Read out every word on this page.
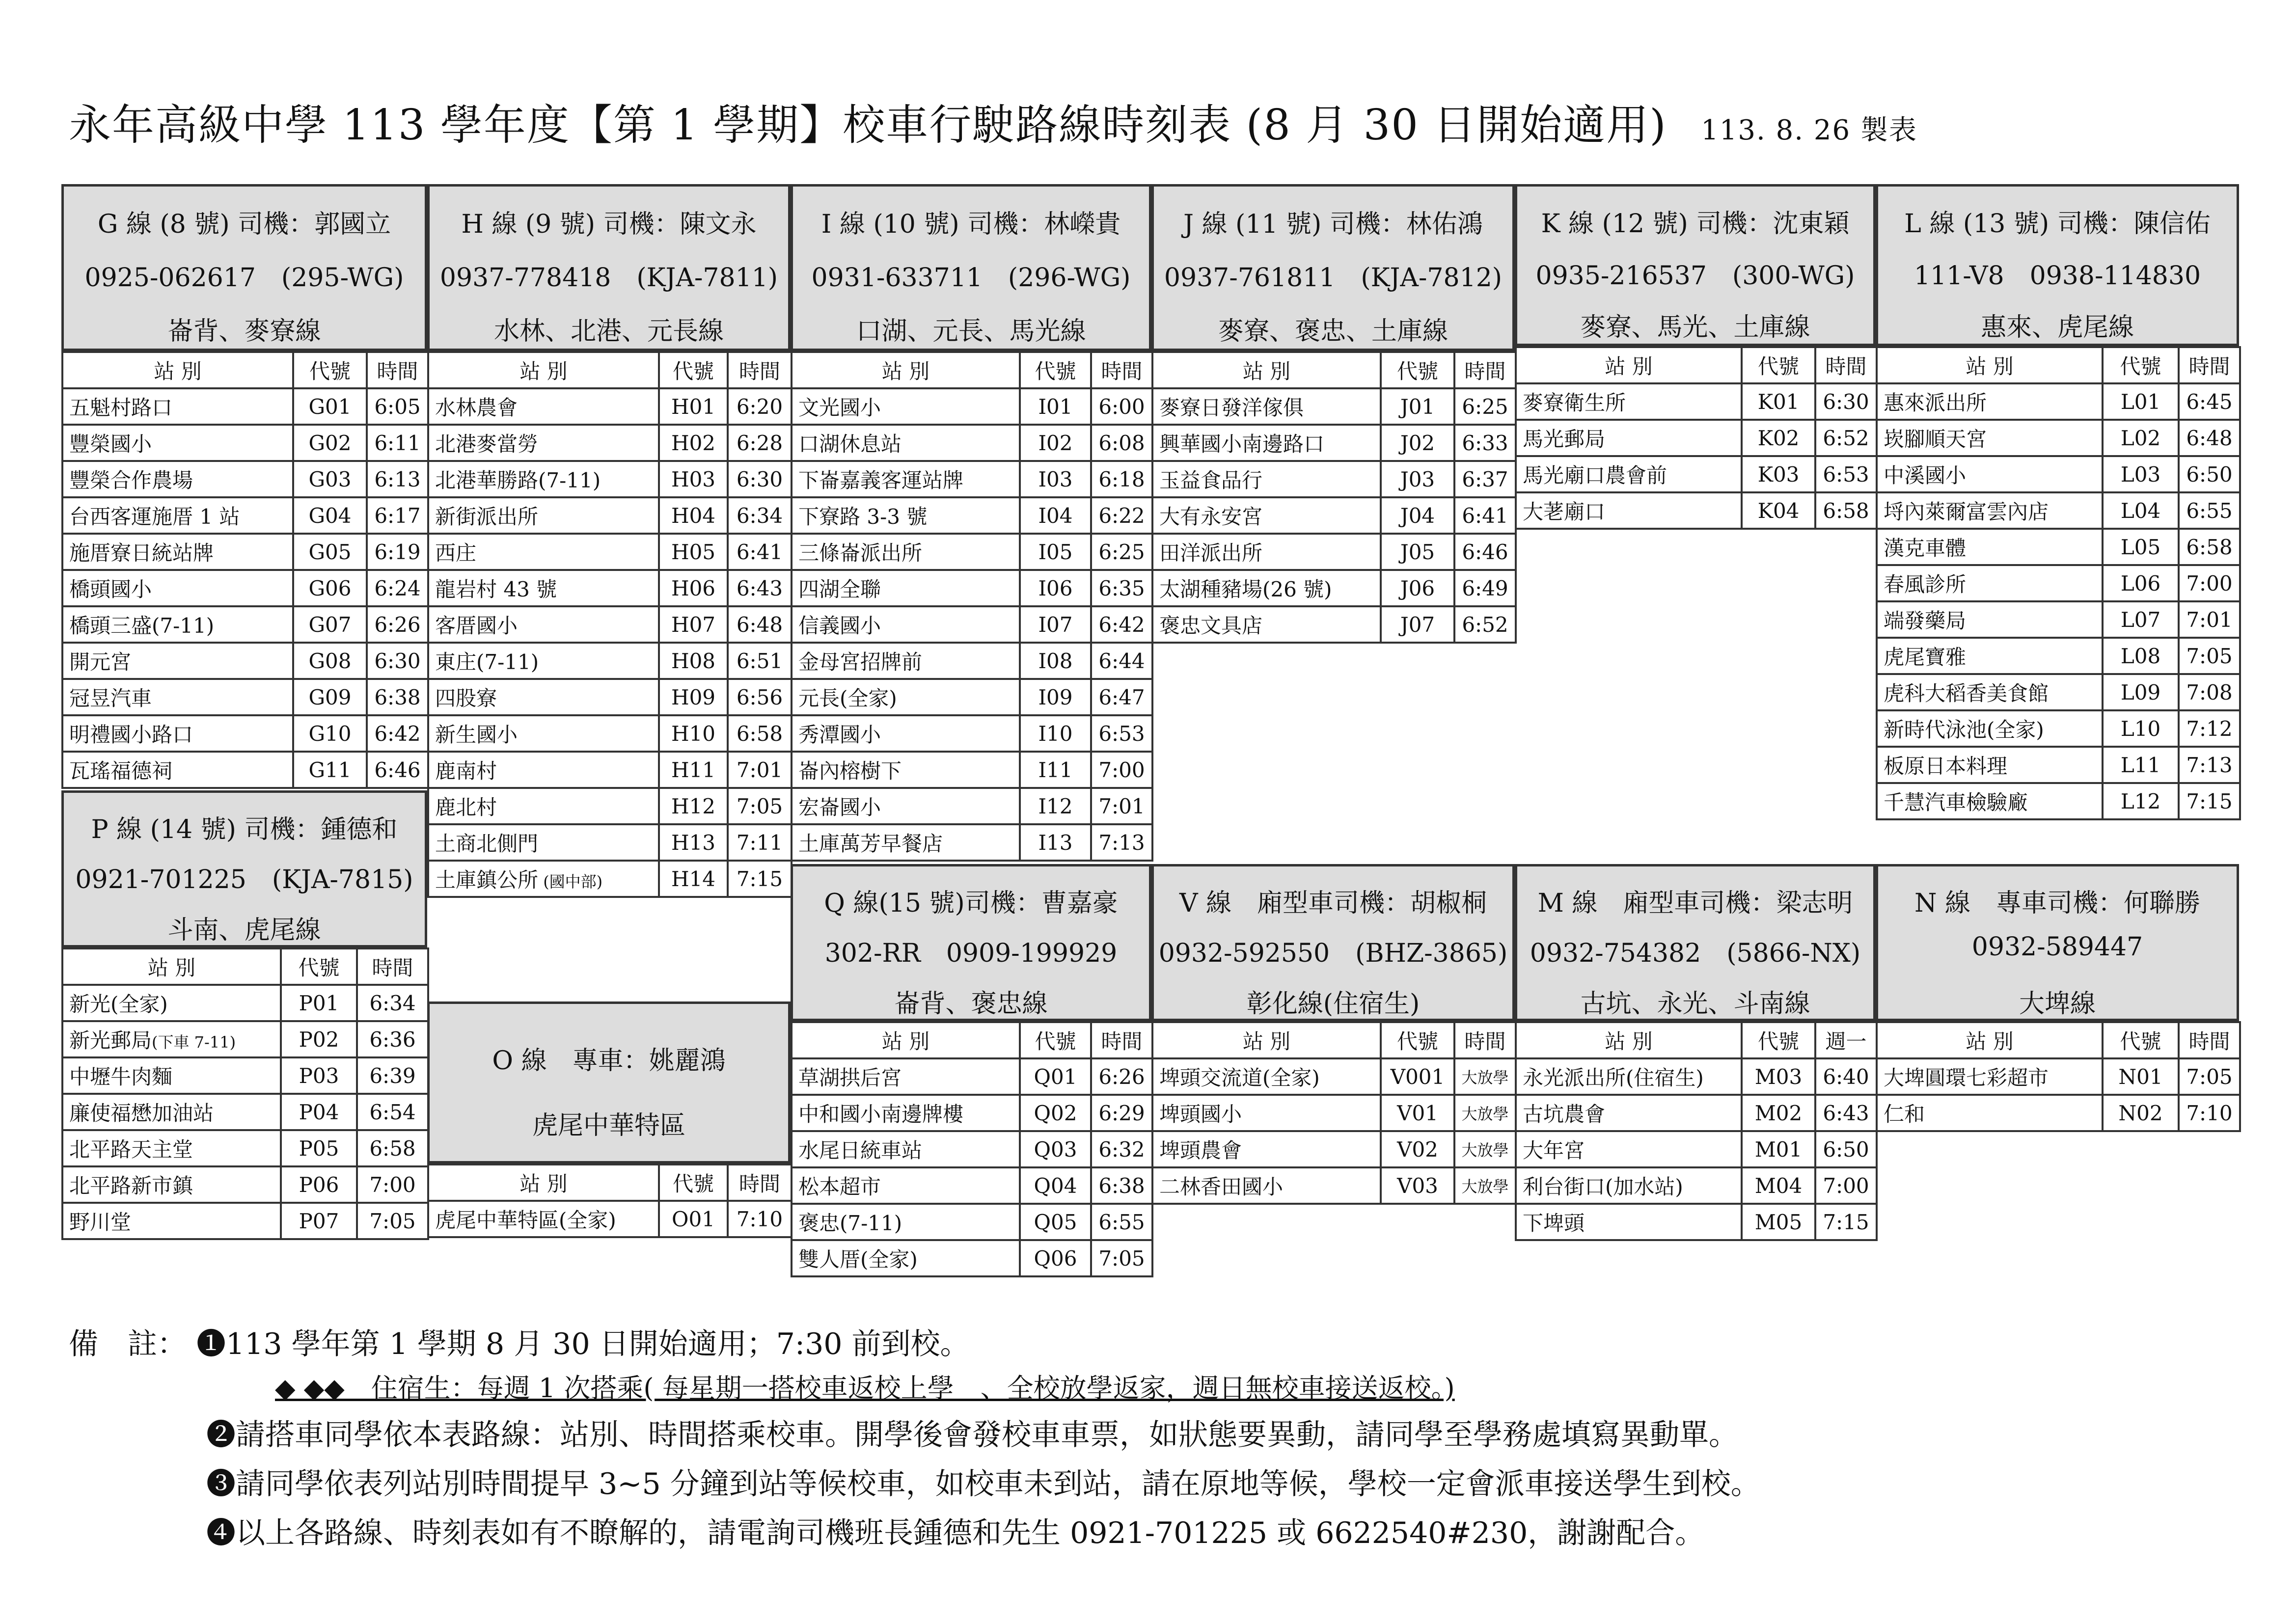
永年高級中學 113 學年度【第 1 學期】校車行駛路線時刻表 (8 月 30 日開始適用) 113. 8. 26 製表
G 線 (8 號) 司機：郭國立
0925-062617　(295-WG)
崙背、麥寮線
站 別	代號	時間
五魁村路口	G01	6:05
豐榮國小	G02	6:11
豐榮合作農場	G03	6:13
台西客運施厝 1 站	G04	6:17
施厝寮日統站牌	G05	6:19
橋頭國小	G06	6:24
橋頭三盛(7-11)	G07	6:26
開元宮	G08	6:30
冠昱汽車	G09	6:38
明禮國小路口	G10	6:42
瓦瑤福德祠	G11	6:46
H 線 (9 號) 司機：陳文永
0937-778418　(KJA-7811)
水林、北港、元長線
站 別	代號	時間
水林農會	H01	6:20
北港麥當勞	H02	6:28
北港華勝路(7-11)	H03	6:30
新街派出所	H04	6:34
西庄	H05	6:41
龍岩村 43 號	H06	6:43
客厝國小	H07	6:48
東庄(7-11)	H08	6:51
四股寮	H09	6:56
新生國小	H10	6:58
鹿南村	H11	7:01
鹿北村	H12	7:05
土商北側門	H13	7:11
土庫鎮公所 (國中部)	H14	7:15
I 線 (10 號) 司機：林嶸貴
0931-633711　(296-WG)
口湖、元長、馬光線
站 別	代號	時間
文光國小	I01	6:00
口湖休息站	I02	6:08
下崙嘉義客運站牌	I03	6:18
下寮路 3-3 號	I04	6:22
三條崙派出所	I05	6:25
四湖全聯	I06	6:35
信義國小	I07	6:42
金母宮招牌前	I08	6:44
元長(全家)	I09	6:47
秀潭國小	I10	6:53
崙內榕樹下	I11	7:00
宏崙國小	I12	7:01
土庫萬芳早餐店	I13	7:13
J 線 (11 號) 司機：林佑鴻
0937-761811　(KJA-7812)
麥寮、褒忠、土庫線
站 別	代號	時間
麥寮日發洋傢俱	J01	6:25
興華國小南邊路口	J02	6:33
玉益食品行	J03	6:37
大有永安宮	J04	6:41
田洋派出所	J05	6:46
太湖種豬場(26 號)	J06	6:49
褒忠文具店	J07	6:52
K 線 (12 號) 司機：沈東穎
0935-216537　(300-WG)
麥寮、馬光、土庫線
站 別	代號	時間
麥寮衛生所	K01	6:30
馬光郵局	K02	6:52
馬光廟口農會前	K03	6:53
大荖廟口	K04	6:58
L 線 (13 號) 司機：陳信佑
111-V8　0938-114830
惠來、虎尾線
站 別	代號	時間
惠來派出所	L01	6:45
崁腳順天宮	L02	6:48
中溪國小	L03	6:50
埒內萊爾富雲內店	L04	6:55
漢克車體	L05	6:58
春風診所	L06	7:00
端發藥局	L07	7:01
虎尾寶雅	L08	7:05
虎科大稻香美食館	L09	7:08
新時代泳池(全家)	L10	7:12
板原日本料理	L11	7:13
千慧汽車檢驗廠	L12	7:15
P 線 (14 號) 司機：鍾德和
0921-701225　(KJA-7815)
斗南、虎尾線
站 別	代號	時間
新光(全家)	P01	6:34
新光郵局(下車 7-11)	P02	6:36
中壢牛肉麵	P03	6:39
廉使福懋加油站	P04	6:54
北平路天主堂	P05	6:58
北平路新市鎮	P06	7:00
野川堂	P07	7:05
O 線　專車：姚麗鴻
虎尾中華特區
站 別	代號	時間
虎尾中華特區(全家)	O01	7:10
Q 線(15 號)司機：曹嘉豪
302-RR　0909-199929
崙背、褒忠線
站 別	代號	時間
草湖拱后宮	Q01	6:26
中和國小南邊牌樓	Q02	6:29
水尾日統車站	Q03	6:32
松本超市	Q04	6:38
褒忠(7-11)	Q05	6:55
雙人厝(全家)	Q06	7:05
V 線　廂型車司機：胡椒桐
0932-592550　(BHZ-3865)
彰化線(住宿生)
站 別	代號	時間
埤頭交流道(全家)	V001	大放學
埤頭國小	V01	大放學
埤頭農會	V02	大放學
二林香田國小	V03	大放學
M 線　廂型車司機：梁志明
0932-754382　(5866-NX)
古坑、永光、斗南線
站 別	代號	週一
永光派出所(住宿生)	M03	6:40
古坑農會	M02	6:43
大年宮	M01	6:50
利台街口(加水站)	M04	7:00
下埤頭	M05	7:15
N 線　專車司機：何聯勝
0932-589447
大埤線
站 別	代號	時間
大埤圓環七彩超市	N01	7:05
仁和	N02	7:10
備　註： ❶113 學年第 1 學期 8 月 30 日開始適用；7:30 前到校。
◆ ◆◆　住宿生：每週 1 次搭乘( 每星期一搭校車返校上學　、全校放學返家，週日無校車接送返校。)
❷請搭車同學依本表路線：站別、時間搭乘校車。開學後會發校車車票，如狀態要異動，請同學至學務處填寫異動單。
❸請同學依表列站別時間提早 3~5 分鐘到站等候校車，如校車未到站，請在原地等候，學校一定會派車接送學生到校。
❹以上各路線、時刻表如有不瞭解的，請電詢司機班長鍾德和先生 0921-701225 或 6622540#230，謝謝配合。
